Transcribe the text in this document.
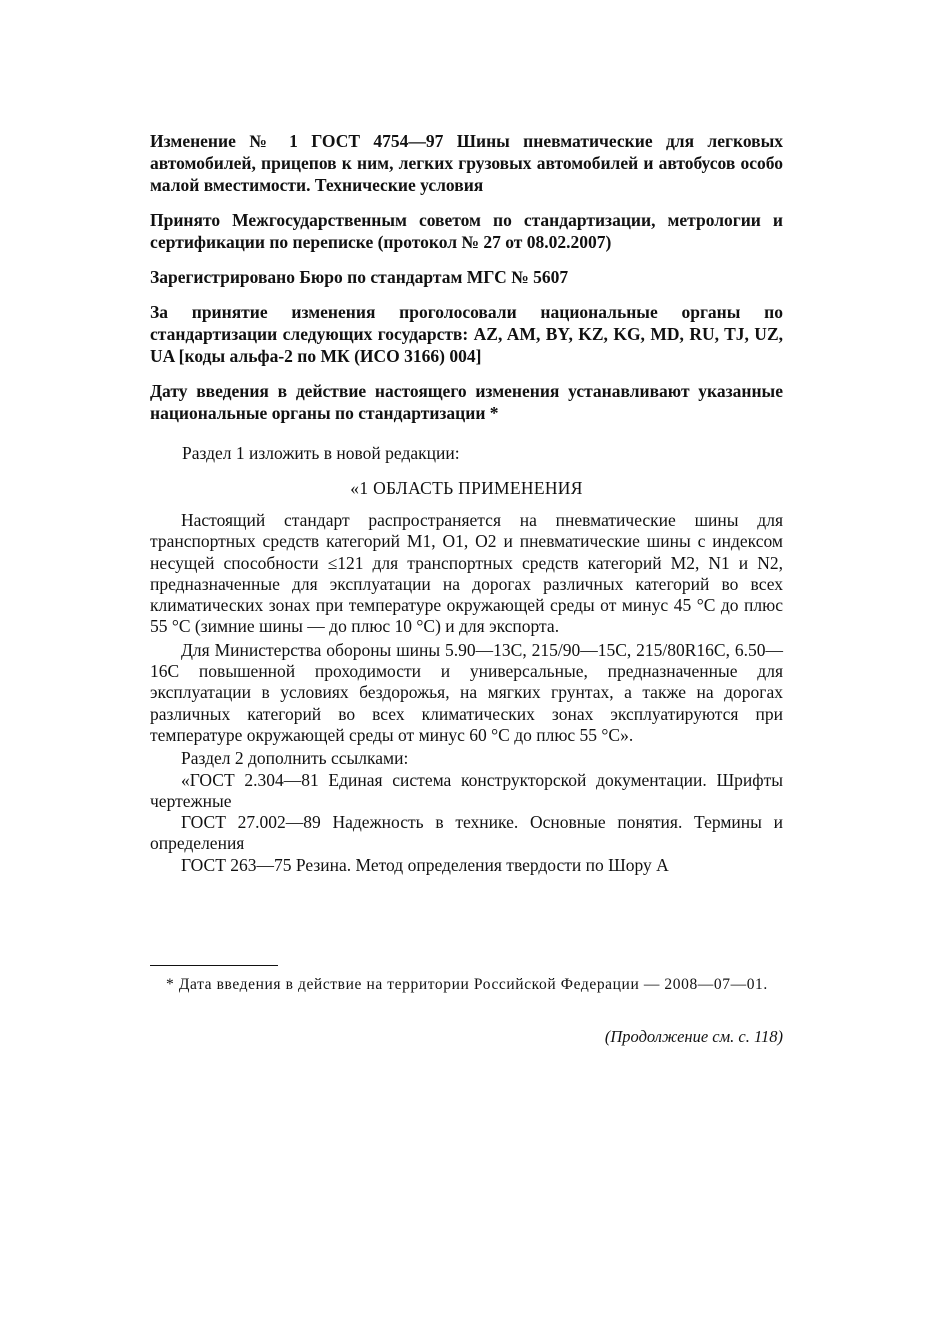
Изменение № 1 ГОСТ 4754—97 Шины пневматические для легковых автомобилей, прицепов к ним, легких грузовых автомобилей и автобусов особо малой вместимости. Технические условия

Принято Межгосударственным советом по стандартизации, метрологии и сертификации по переписке (протокол № 27 от 08.02.2007)

Зарегистрировано Бюро по стандартам МГС № 5607

За принятие изменения проголосовали национальные органы по стандартизации следующих государств: AZ, AM, BY, KZ, KG, MD, RU, TJ, UZ, UA [коды альфа-2 по МК (ИСО 3166) 004]

Дату введения в действие настоящего изменения устанавливают указанные национальные органы по стандартизации *

Раздел 1 изложить в новой редакции:

«1 ОБЛАСТЬ ПРИМЕНЕНИЯ

Настоящий стандарт распространяется на пневматические шины для транспортных средств категорий M1, O1, O2 и пневматические шины с индексом несущей способности ≤121 для транспортных средств категорий M2, N1 и N2, предназначенные для эксплуатации на дорогах различных категорий во всех климатических зонах при температуре окружающей среды от минус 45 °С до плюс 55 °С (зимние шины — до плюс 10 °С) и для экспорта.

Для Министерства обороны шины 5.90—13С, 215/90—15С, 215/80R16С, 6.50—16С повышенной проходимости и универсальные, предназначенные для эксплуатации в условиях бездорожья, на мягких грунтах, а также на дорогах различных категорий во всех климатических зонах эксплуатируются при температуре окружающей среды от минус 60 °С до плюс 55 °С».

Раздел 2 дополнить ссылками:

«ГОСТ 2.304—81 Единая система конструкторской документации. Шрифты чертежные

ГОСТ 27.002—89 Надежность в технике. Основные понятия. Термины и определения

ГОСТ 263—75 Резина. Метод определения твердости по Шору А

* Дата введения в действие на территории Российской Федерации — 2008—07—01.

(Продолжение см. с. 118)
